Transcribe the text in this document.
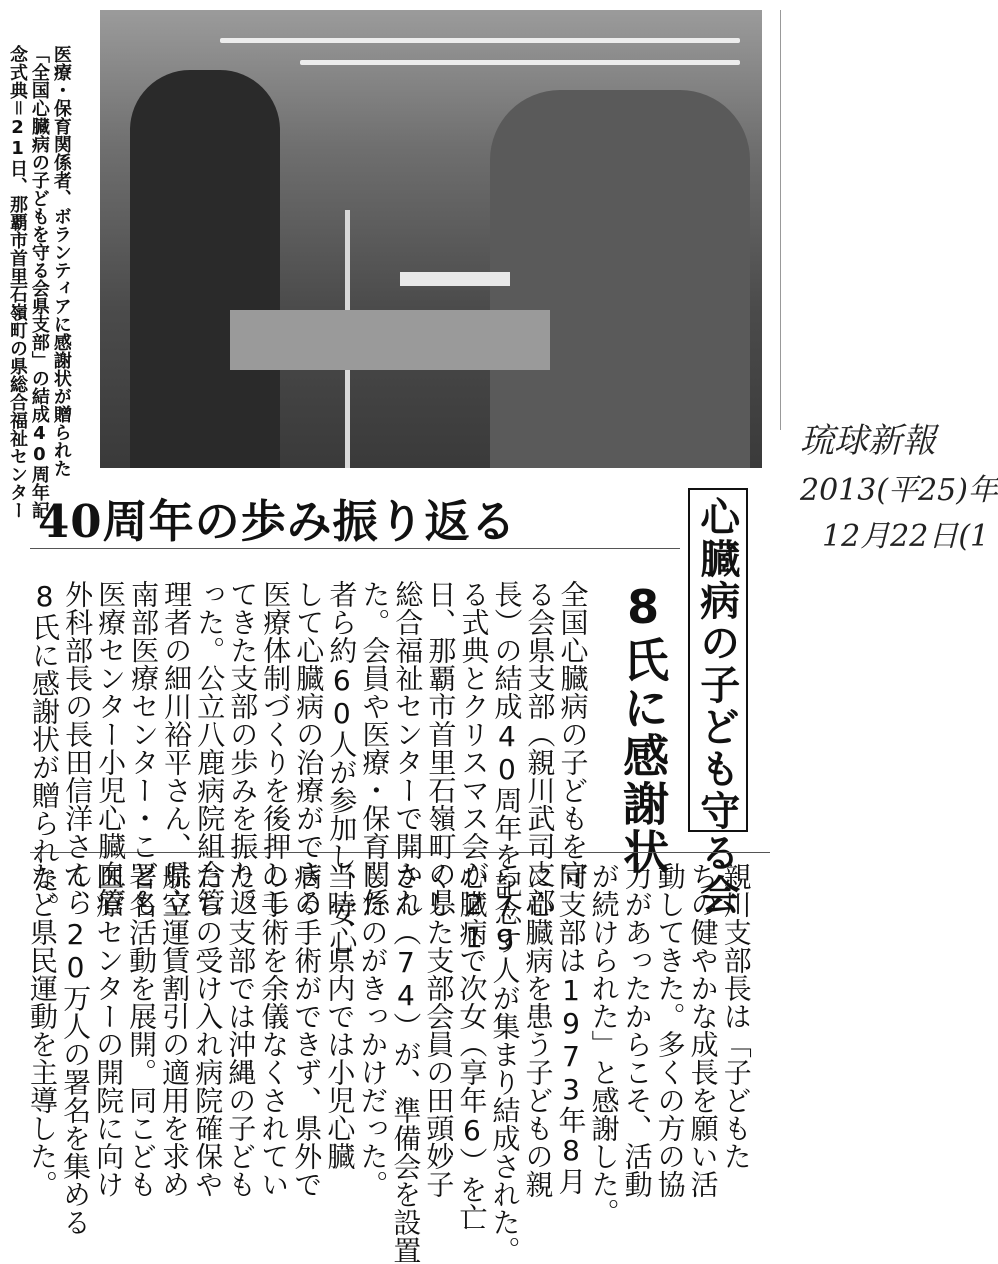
医療・保育関係者、ボランティアに感謝状が贈られた
「全国心臓病の子どもを守る会県支部」の結成40周年記
念式典＝21日、那覇市首里石嶺町の県総合福祉センター
40周年の歩み振り返る	心臓病の子ども守る会
8氏に感謝状
全国心臓病の子どもを守
る会県支部（親川武司支部
長）の結成40周年を記念す
る式典とクリスマス会が21
日、那覇市首里石嶺町の県
総合福祉センターで開かれ
た。会員や医療・保育関係
者ら約60人が参加し、安心
して心臓病の治療ができる
医療体制づくりを後押しし
てきた支部の歩みを振り返
った。公立八鹿病院組合管
理者の細川裕平さん、県立
南部医療センター・こども
医療センター小児心臓血管
外科部長の長田信洋さんら
8氏に感謝状が贈られた。
親川支部長は「子どもた
ちの健やかな成長を願い活
動してきた。多くの方の協
力があったからこそ、活動
が続けられた」と感謝した。
同支部は1973年8月
に心臓病を患う子どもの親
ら79人が集まり結成された。
心臓病で次女（享年6）を亡
くした支部会員の田頭妙子
さん（74）が、準備会を設置
したのがきっかけだった。
当時、県内では小児心臓
病の手術ができず、県外で
の手術を余儀なくされてい
た。支部では沖縄の子ども
たちの受け入れ病院確保や
航空運賃割引の適用を求め
署名活動を展開。同こども
医療センターの開院に向け
て、20万人の署名を集める
など県民運動を主導した。
琉球新報
2013(平25)年
12月22日(1
